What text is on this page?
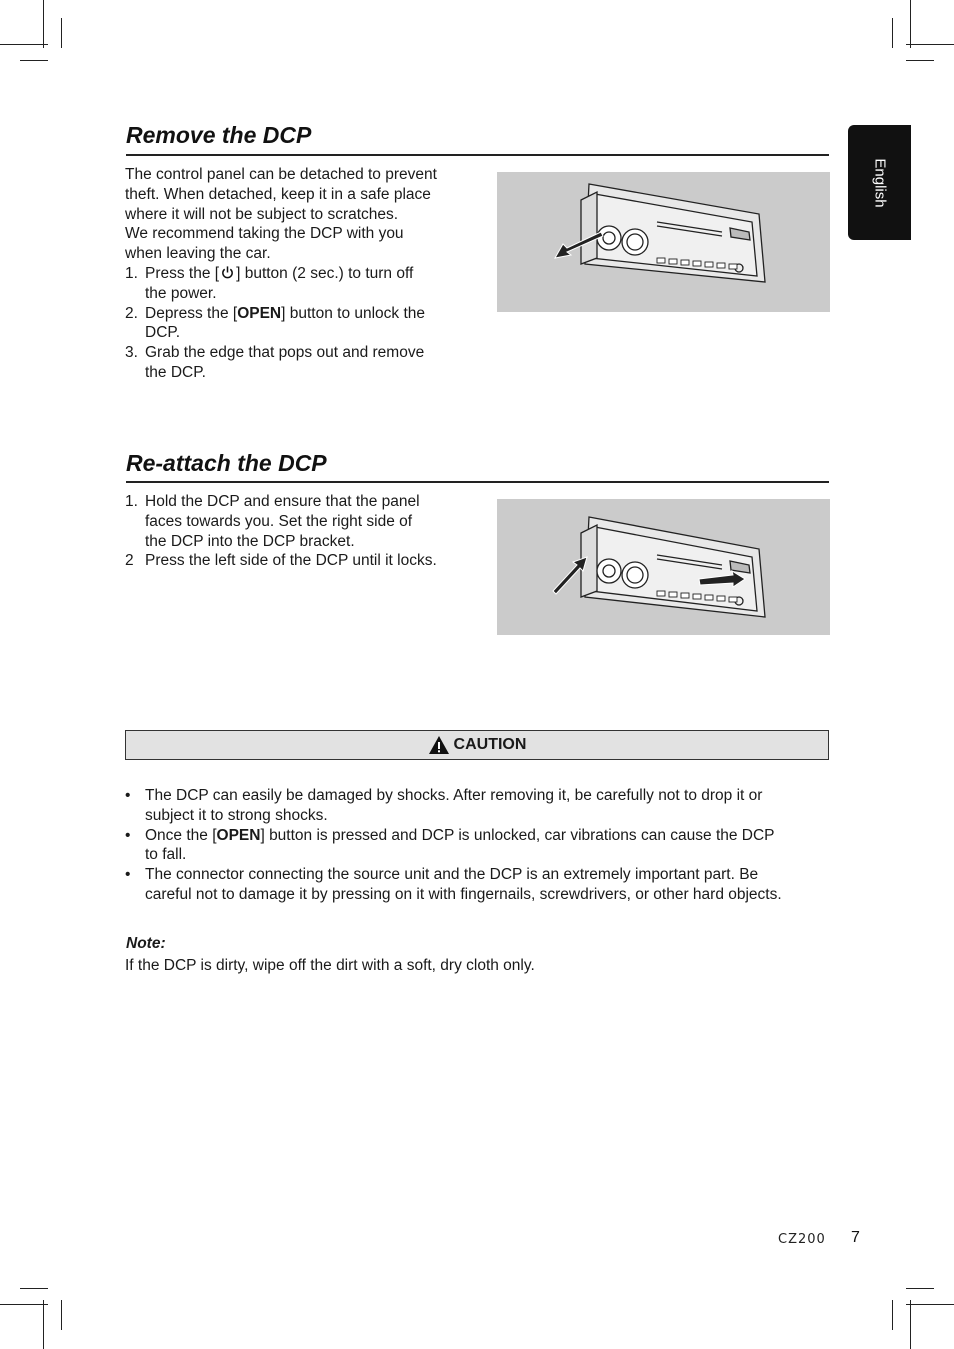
English
Remove the DCP

The control panel can be detached to prevent

theft. When detached, keep it in a safe place

where it will not be subject to scratches.

We recommend taking the DCP with you

when leaving the car.

1. Press the [ ] button (2 sec.) to turn off
the power.
2. Depress the [OPEN] button to unlock the
DCP.
3. Grab the edge that pops out and remove
the DCP.
Re-attach the DCP
1. Hold the DCP and ensure that the panel
faces towards you. Set the right side of
the DCP into the DCP bracket.
2 Press the left side of the DCP until it locks.
CAUTION
• The DCP can easily be damaged by shocks. After removing it, be carefully not to drop it or
subject it to strong shocks.
• Once the [OPEN] button is pressed and DCP is unlocked, car vibrations can cause the DCP
to fall.
• The connector connecting the source unit and the DCP is an extremely important part. Be
careful not to damage it by pressing on it with fingernails, screwdrivers, or other hard objects.
Note:
If the DCP is dirty, wipe off the dirt with a soft, dry cloth only.
CZ200 7
